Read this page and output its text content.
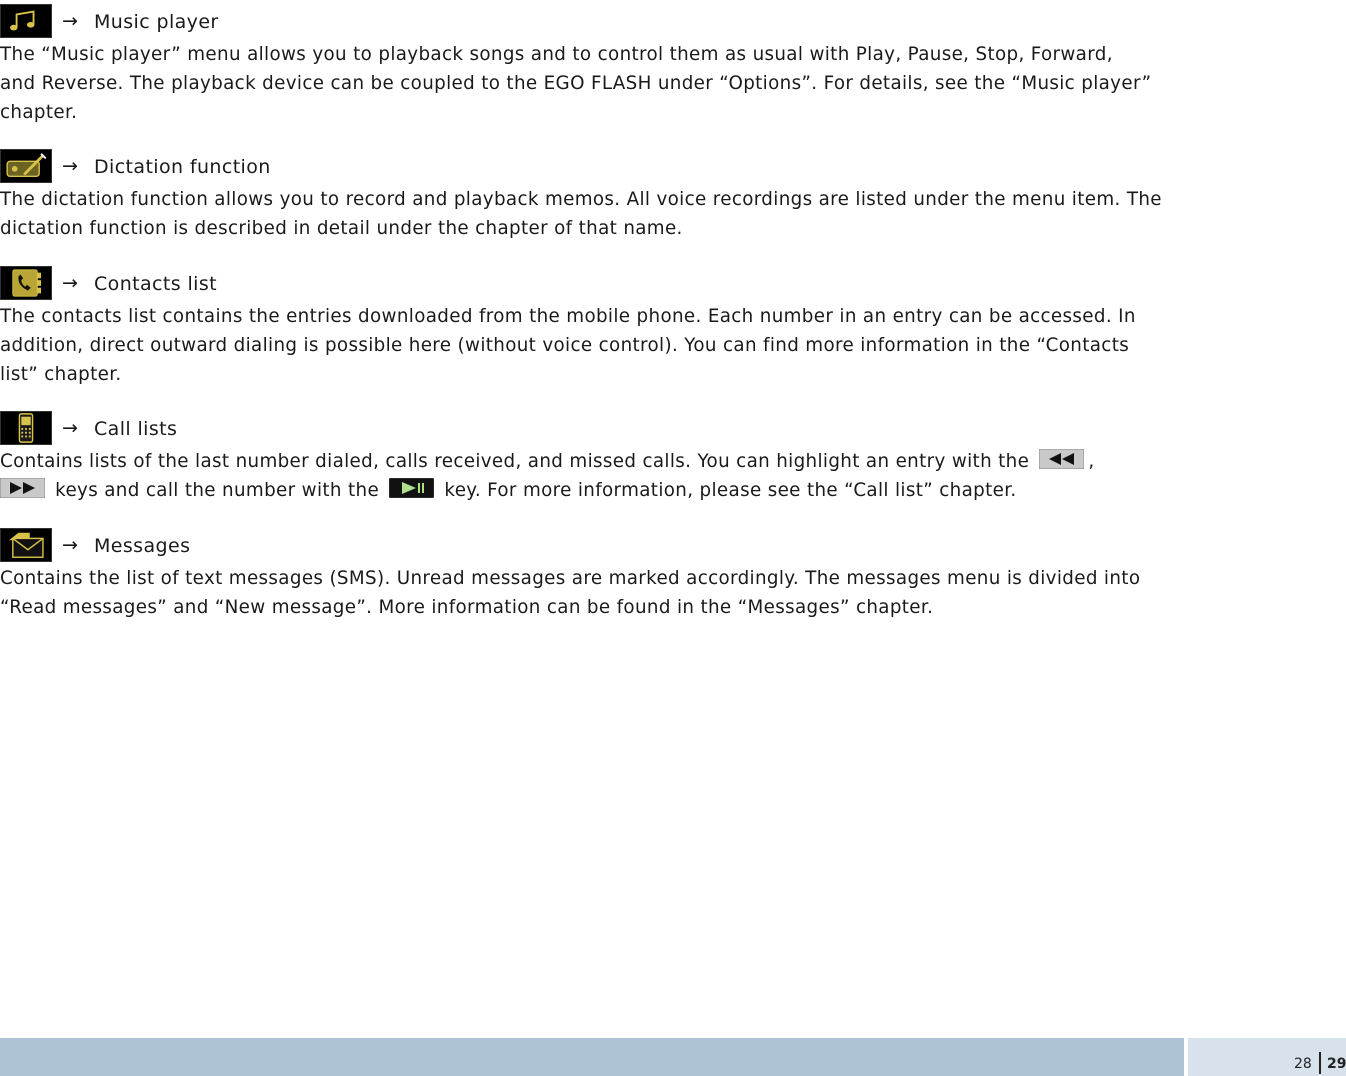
→ Music player

The “Music player” menu allows you to playback songs and to control them as usual with Play, Pause, Stop, Forward,
and Reverse. The playback device can be coupled to the EGO FLASH under “Options”. For details, see the “Music player”
chapter.

→ Dictation function

The dictation function allows you to record and playback memos. All voice recordings are listed under the menu item. The
dictation function is described in detail under the chapter of that name.

→ Contacts list

The contacts list contains the entries downloaded from the mobile phone. Each number in an entry can be accessed. In
addition, direct outward dialing is possible here (without voice control). You can find more information in the “Contacts
list” chapter.

→ Call lists

Contains lists of the last number dialed, calls received, and missed calls. You can highlight an entry with the	,
keys and call the number with the	key. For more information, please see the “Call list” chapter.

→ Messages

Contains the list of text messages (SMS). Unread messages are marked accordingly. The messages menu is divided into
“Read messages” and “New message”. More information can be found in the “Messages” chapter.

28 29
